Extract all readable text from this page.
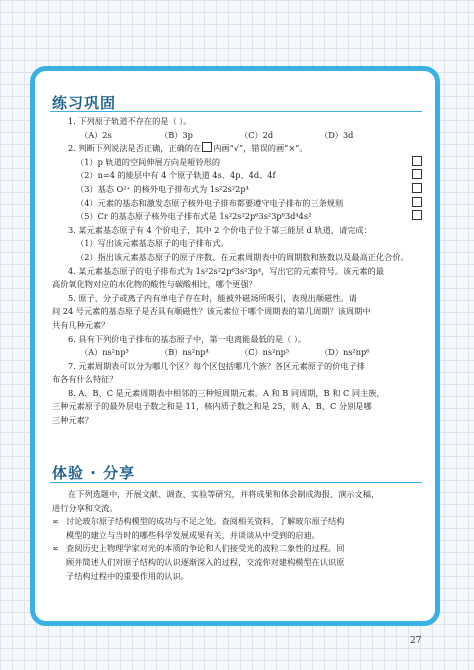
练习巩固

1. 下列原子轨道不存在的是（ ）。

（A）2s	（B）3p	（C）2d	（D）3d

2. 判断下列说法是否正确，正确的在 内画“√”，错误的画“×”。

（1）p 轨道的空间伸展方向是哑铃形的
（2）n=4 的能层中有 4 个原子轨道 4s、4p、4d、4f
（3）基态 O²⁺ 的核外电子排布式为 1s²2s²2p⁴
（4）元素的基态和激发态原子核外电子排布都要遵守电子排布的三条规则
（5）Cr 的基态原子核外电子排布式是 1s²2s²2p⁶3s²3p⁶3d⁴4s²

3. 某元素基态原子有 4 个价电子，其中 2 个价电子位于第三能层 d 轨道，请完成：

（1）写出该元素基态原子的电子排布式。

（2）指出该元素基态原子的原子序数、在元素周期表中的周期数和族数以及最高正化合价。

4. 某元素基态原子的电子排布式为 1s²2s²2p⁶3s²3p⁴，写出它的元素符号。该元素的最

高价氧化物对应的水化物的酸性与碳酸相比，哪个更强？

5. 原子、分子或离子内有单电子存在时，能被外磁场所吸引，表现出顺磁性。请

问 24 号元素的基态原子是否具有顺磁性？该元素位于哪个周期表的第几周期？该周期中

共有几种元素？

6. 具有下列价电子排布的基态原子中，第一电离能最低的是（ ）。

（A）ns²np³	（B）ns²np⁴	（C）ns²np⁵	（D）ns²np⁶

7. 元素周期表可以分为哪几个区？每个区包括哪几个族？各区元素原子的价电子排

布各有什么特征？

8. A、B、C 是元素周期表中相邻的三种短周期元素。A 和 B 同周期，B 和 C 同主族，

三种元素原子的最外层电子数之和是 11，核内质子数之和是 25，则 A、B、C 分别是哪

三种元素？

体验 · 分享

在下列选题中，开展文献、调查、实验等研究，并将成果和体会制成海报、演示文稿，

进行分享和交流。

∞ 讨论玻尔原子结构模型的成功与不足之处。查阅相关资料，了解玻尔原子结构

模型的建立与当时的哪些科学发展成果有关，并谈谈从中受到的启迪。

∞ 查阅历史上物理学家对光的本质的争论和人们接受光的波粒二象性的过程。回

顾并简述人们对原子结构的认识逐渐深入的过程，交流你对建构模型在认识原

子结构过程中的重要作用的认识。

27
